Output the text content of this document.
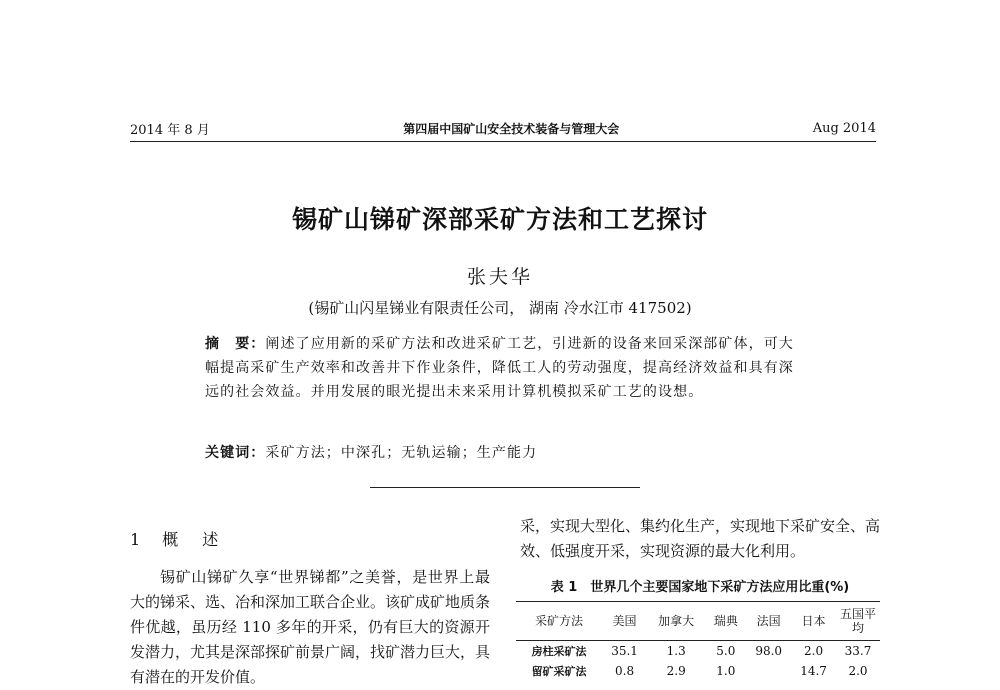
2014 年 8 月	第四届中国矿山安全技术装备与管理大会	Aug 2014
锡矿山锑矿深部采矿方法和工艺探讨
张夫华
(锡矿山闪星锑业有限责任公司， 湖南 冷水江市 417502)
摘　要：阐述了应用新的采矿方法和改进采矿工艺，引进新的设备来回采深部矿体，可大幅提高采矿生产效率和改善井下作业条件，降低工人的劳动强度，提高经济效益和具有深远的社会效益。并用发展的眼光提出未来采用计算机模拟采矿工艺的设想。
关键词：采矿方法；中深孔；无轨运输；生产能力
1 概　述

锡矿山锑矿久享“世界锑都”之美誉，是世界上最大的锑采、选、冶和深加工联合企业。该矿成矿地质条件优越，虽历经 110 多年的开采，仍有巨大的资源开发潜力，尤其是深部探矿前景广阔，找矿潜力巨大，具有潜在的开发价值。

采，实现大型化、集约化生产，实现地下采矿安全、高效、低强度开采，实现资源的最大化利用。

表 1　世界几个主要国家地下采矿方法应用比重(%)
采矿方法	美国	加拿大	瑞典	法国	日本	五国平均
房柱采矿法	35.1	1.3	5.0	98.0	2.0	33.7
留矿采矿法	0.8	2.9	1.0		14.7	2.0
